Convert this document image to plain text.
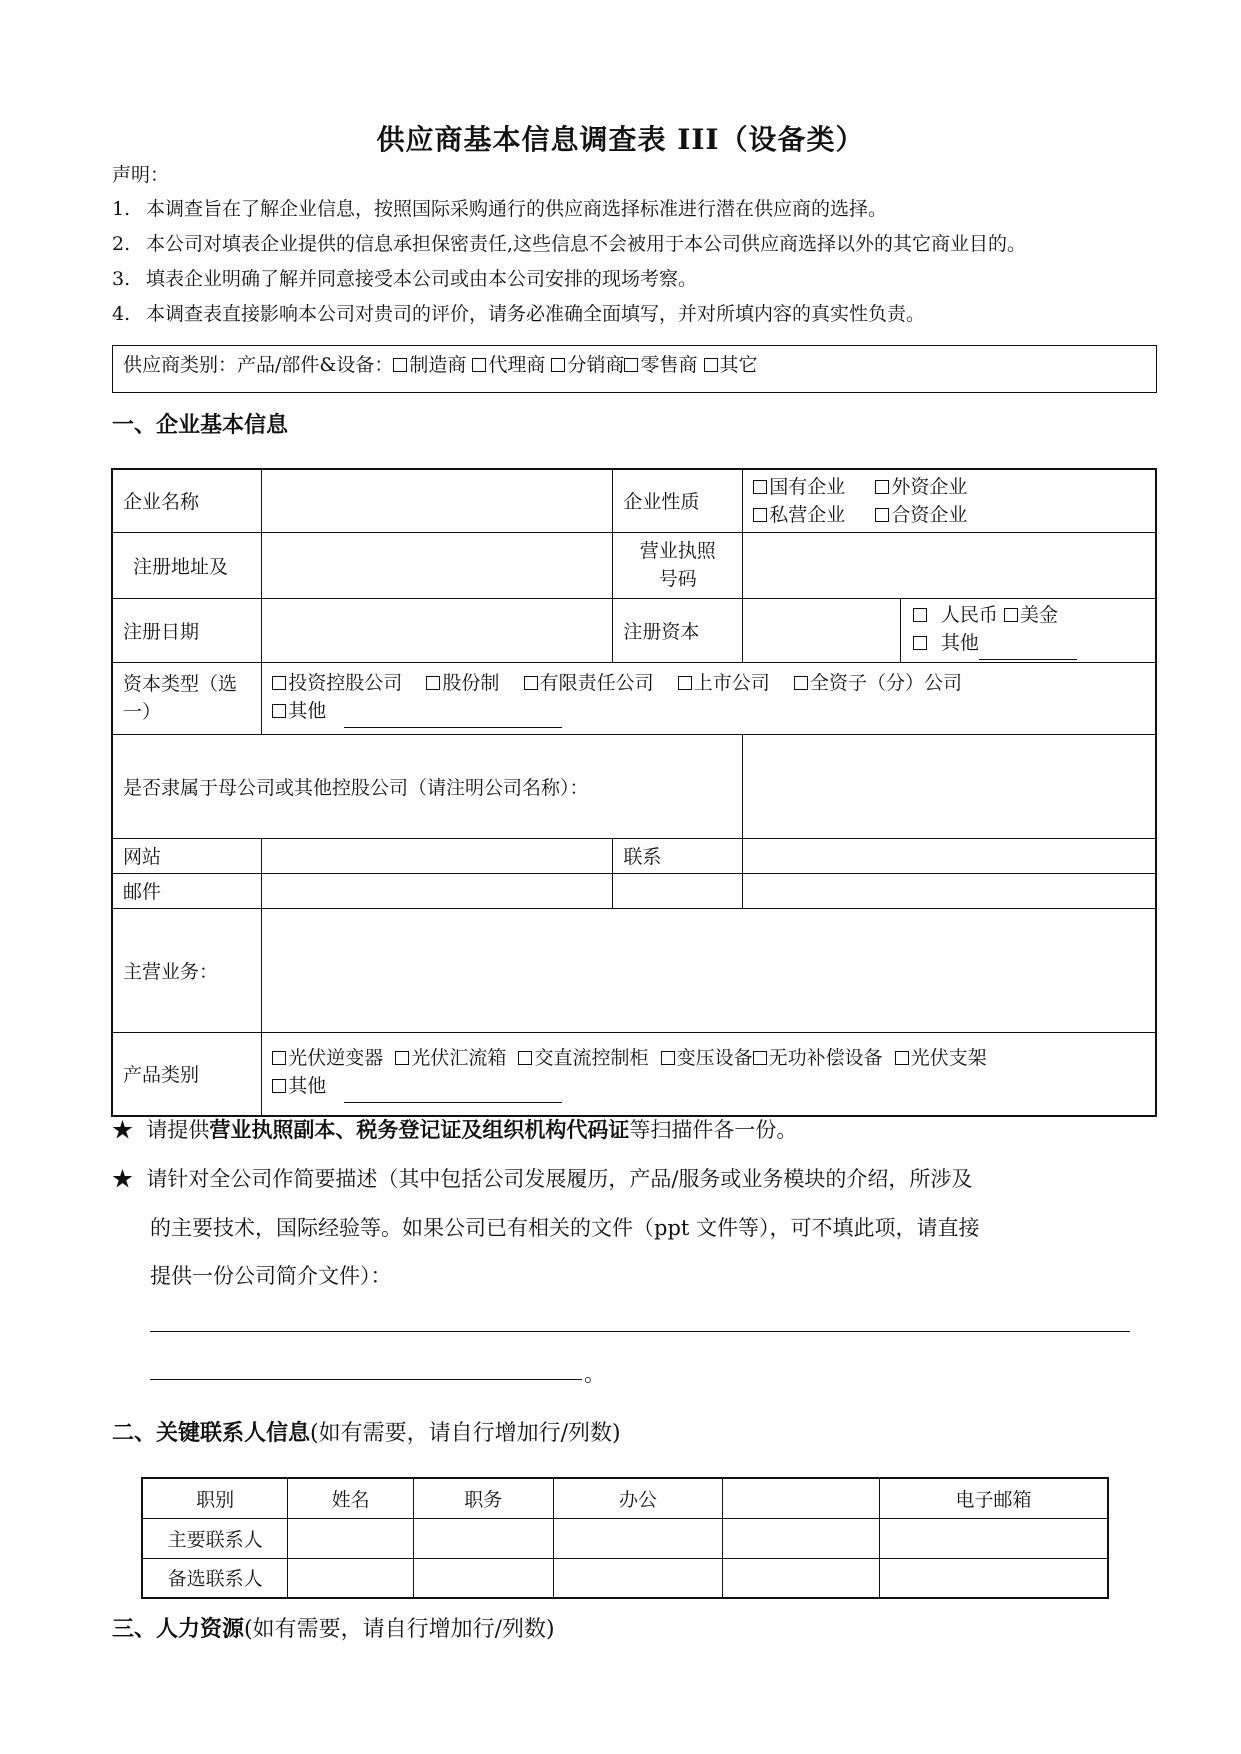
供应商基本信息调查表 III（设备类）
声明：
1. 本调查旨在了解企业信息，按照国际采购通行的供应商选择标准进行潜在供应商的选择。
2. 本公司对填表企业提供的信息承担保密责任,这些信息不会被用于本公司供应商选择以外的其它商业目的。
3. 填表企业明确了解并同意接受本公司或由本公司安排的现场考察。
4. 本调查表直接影响本公司对贵司的评价，请务必准确全面填写，并对所填内容的真实性负责。
供应商类别：产品/部件&设备： 制造商 代理商 分销商 零售商 其它
一、企业基本信息
企业名称		企业性质	国有企业 外资企业
私营企业 合资企业	
注册地址及		营业执照号码		
注册日期		注册资本		人民币 美金
其他
资本类型（选一）	投资控股公司 股份制 有限责任公司 上市公司 全资子（分）公司
其他			
是否隶属于母公司或其他控股公司（请注明公司名称）：				
网站		联系		
邮件				
主营业务：				
产品类别	光伏逆变器 光伏汇流箱 交直流控制柜 变压设备 无功补偿设备 光伏支架
其他			
★ 请提供营业执照副本、税务登记证及组织机构代码证等扫描件各一份。
★ 请针对全公司作简要描述（其中包括公司发展履历，产品/服务或业务模块的介绍，所涉及
的主要技术，国际经验等。如果公司已有相关的文件（ppt 文件等），可不填此项，请直接
提供一份公司简介文件）：
。
二、关键联系人信息(如有需要，请自行增加行/列数)
职别	姓名	职务	办公		电子邮箱
主要联系人					
备选联系人					
三、人力资源(如有需要，请自行增加行/列数)
